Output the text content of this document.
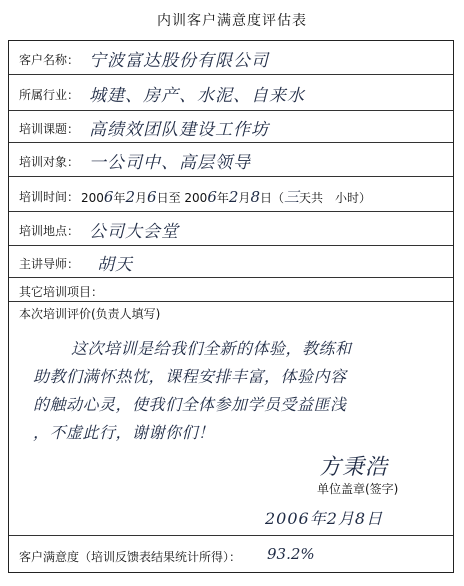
内训客户满意度评估表
客户名称： 宁波富达股份有限公司
所属行业： 城建、房产、水泥、自来水
培训课题： 高绩效团队建设工作坊
培训对象： 一公司中、高层领导
培训时间： 2006年2月6日至 2006年2月8日（三天共　小时）
培训地点： 公司大会堂
主讲导师： 胡天
其它培训项目：
本次培训评价(负责人填写)
这次培训是给我们全新的体验，教练和
助教们满怀热忱，课程安排丰富，体验内容
的触动心灵，使我们全体参加学员受益匪浅
，不虚此行，谢谢你们！
方秉浩
单位盖章(签字)
2006年2月8日
客户满意度（培训反馈表结果统计所得）： 93.2%
